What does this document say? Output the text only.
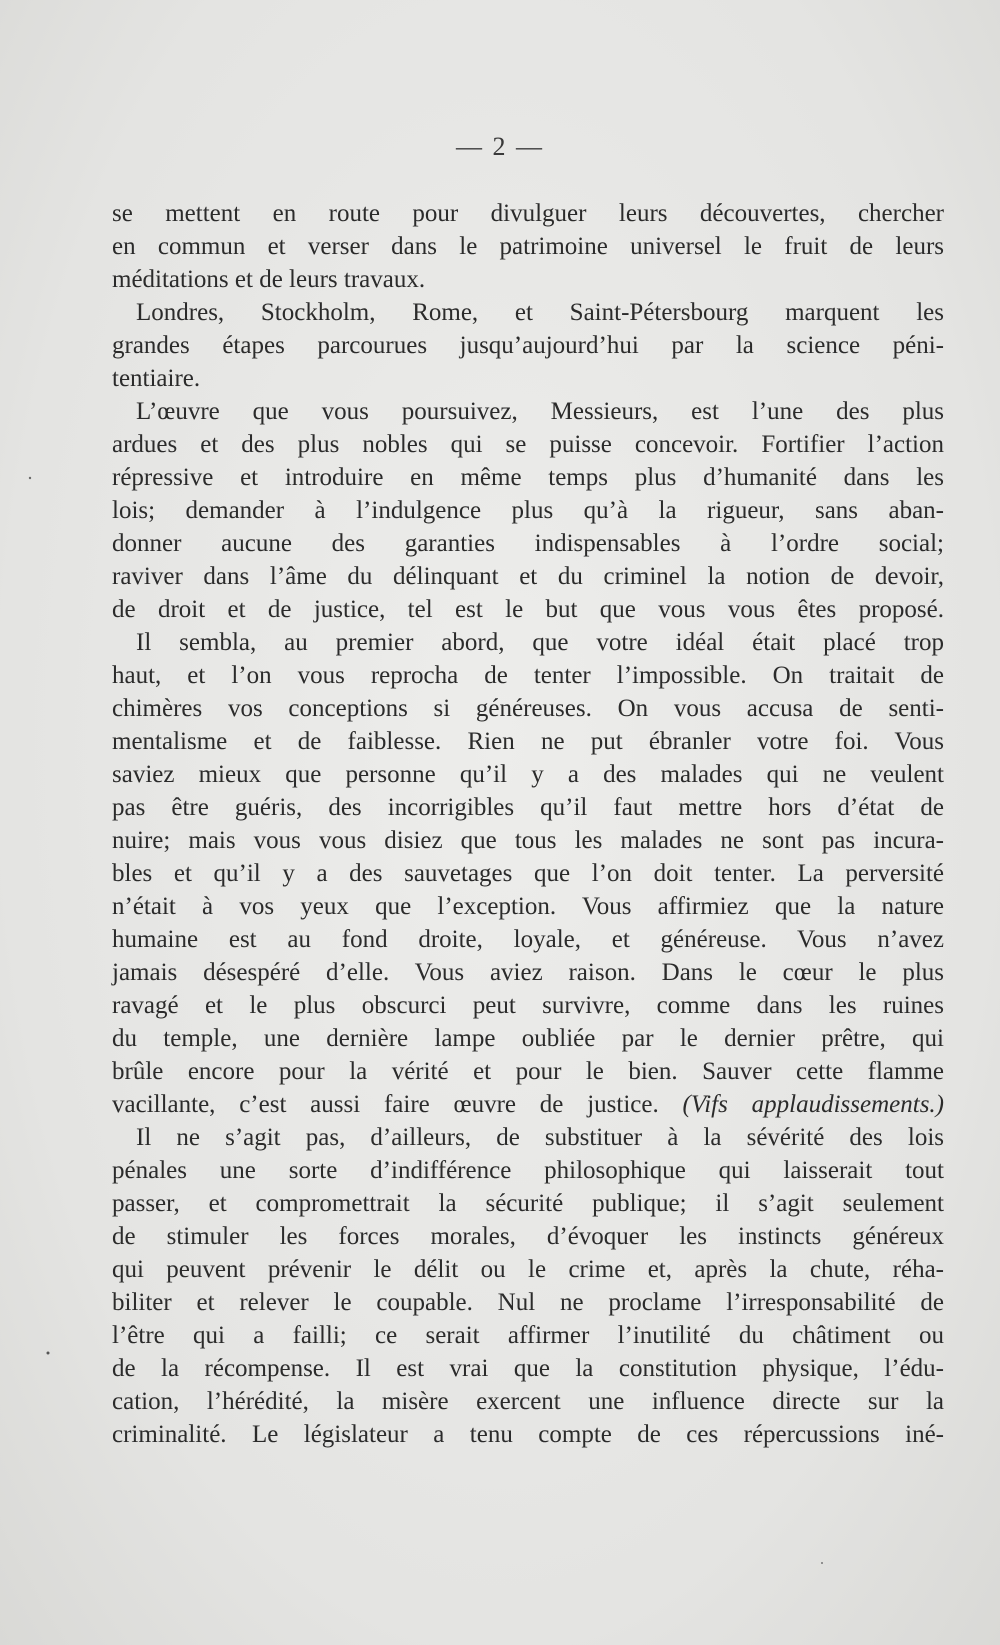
— 2 —
se mettent en route pour divulguer leurs découvertes, chercher
en commun et verser dans le patrimoine universel le fruit de leurs
méditations et de leurs travaux.
Londres, Stockholm, Rome, et Saint-Pétersbourg marquent les
grandes étapes parcourues jusqu’aujourd’hui par la science péni-
tentiaire.
L’œuvre que vous poursuivez, Messieurs, est l’une des plus
ardues et des plus nobles qui se puisse concevoir. Fortifier l’action
répressive et introduire en même temps plus d’humanité dans les
lois; demander à l’indulgence plus qu’à la rigueur, sans aban-
donner aucune des garanties indispensables à l’ordre social;
raviver dans l’âme du délinquant et du criminel la notion de devoir,
de droit et de justice, tel est le but que vous vous êtes proposé.
Il sembla, au premier abord, que votre idéal était placé trop
haut, et l’on vous reprocha de tenter l’impossible. On traitait de
chimères vos conceptions si généreuses. On vous accusa de senti-
mentalisme et de faiblesse. Rien ne put ébranler votre foi. Vous
saviez mieux que personne qu’il y a des malades qui ne veulent
pas être guéris, des incorrigibles qu’il faut mettre hors d’état de
nuire; mais vous vous disiez que tous les malades ne sont pas incura-
bles et qu’il y a des sauvetages que l’on doit tenter. La perversité
n’était à vos yeux que l’exception. Vous affirmiez que la nature
humaine est au fond droite, loyale, et généreuse. Vous n’avez
jamais désespéré d’elle. Vous aviez raison. Dans le cœur le plus
ravagé et le plus obscurci peut survivre, comme dans les ruines
du temple, une dernière lampe oubliée par le dernier prêtre, qui
brûle encore pour la vérité et pour le bien. Sauver cette flamme
vacillante, c’est aussi faire œuvre de justice. (Vifs applaudissements.)
Il ne s’agit pas, d’ailleurs, de substituer à la sévérité des lois
pénales une sorte d’indifférence philosophique qui laisserait tout
passer, et compromettrait la sécurité publique; il s’agit seulement
de stimuler les forces morales, d’évoquer les instincts généreux
qui peuvent prévenir le délit ou le crime et, après la chute, réha-
biliter et relever le coupable. Nul ne proclame l’irresponsabilité de
l’être qui a failli; ce serait affirmer l’inutilité du châtiment ou
de la récompense. Il est vrai que la constitution physique, l’édu-
cation, l’hérédité, la misère exercent une influence directe sur la
criminalité. Le législateur a tenu compte de ces répercussions iné-
